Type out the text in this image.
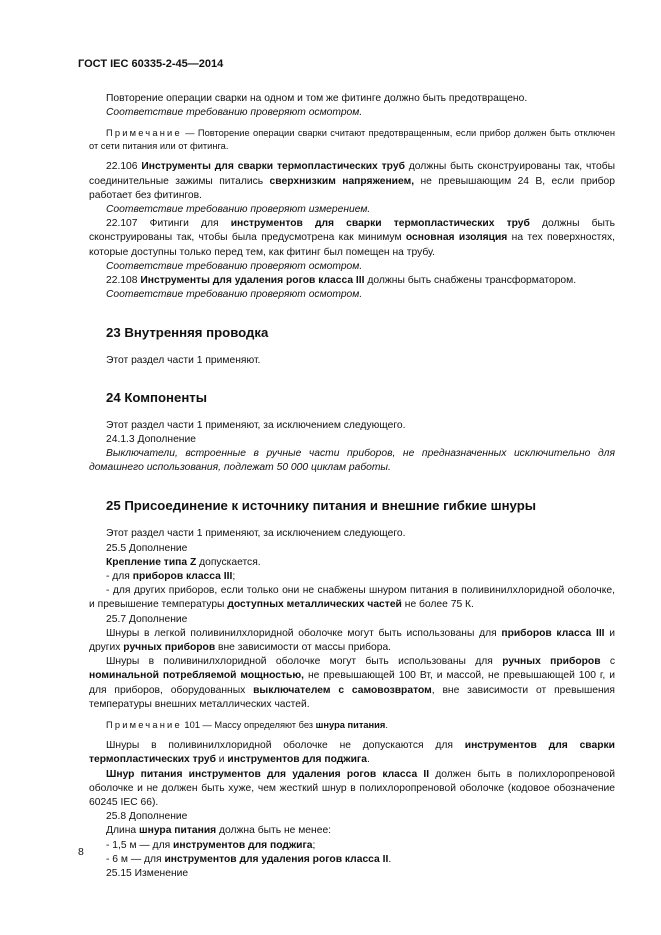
ГОСТ IEC 60335-2-45—2014

Повторение операции сварки на одном и том же фитинге должно быть предотвращено.

Соответствие требованию проверяют осмотром.

Примечание — Повторение операции сварки считают предотвращенным, если прибор должен быть отключен от сети питания или от фитинга.

22.106 Инструменты для сварки термопластических труб должны быть сконструированы так, чтобы соединительные зажимы питались сверхнизким напряжением, не превышающим 24 В, если прибор работает без фитингов.

Соответствие требованию проверяют измерением.

22.107 Фитинги для инструментов для сварки термопластических труб должны быть сконструированы так, чтобы была предусмотрена как минимум основная изоляция на тех поверхностях, которые доступны только перед тем, как фитинг был помещен на трубу.

Соответствие требованию проверяют осмотром.

22.108 Инструменты для удаления рогов класса III должны быть снабжены трансформатором.

Соответствие требованию проверяют осмотром.

23 Внутренняя проводка

Этот раздел части 1 применяют.

24 Компоненты

Этот раздел части 1 применяют, за исключением следующего.

24.1.3 Дополнение

Выключатели, встроенные в ручные части приборов, не предназначенных исключительно для домашнего использования, подлежат 50 000 циклам работы.

25 Присоединение к источнику питания и внешние гибкие шнуры

Этот раздел части 1 применяют, за исключением следующего.

25.5 Дополнение

Крепление типа Z допускается.

- для приборов класса III;

- для других приборов, если только они не снабжены шнуром питания в поливинилхлоридной оболочке, и превышение температуры доступных металлических частей не более 75 К.

25.7 Дополнение

Шнуры в легкой поливинилхлоридной оболочке могут быть использованы для приборов класса III и других ручных приборов вне зависимости от массы прибора.

Шнуры в поливинилхлоридной оболочке могут быть использованы для ручных приборов с номинальной потребляемой мощностью, не превышающей 100 Вт, и массой, не превышающей 100 г, и для приборов, оборудованных выключателем с самовозвратом, вне зависимости от превышения температуры внешних металлических частей.

Примечание 101 — Массу определяют без шнура питания.

Шнуры в поливинилхлоридной оболочке не допускаются для инструментов для сварки термопластических труб и инструментов для поджига.

Шнур питания инструментов для удаления рогов класса II должен быть в полихлоропреновой оболочке и не должен быть хуже, чем жесткий шнур в полихлоропреновой оболочке (кодовое обозначение 60245 IEC 66).

25.8 Дополнение

Длина шнура питания должна быть не менее:

- 1,5 м — для инструментов для поджига;

- 6 м — для инструментов для удаления рогов класса II.

25.15 Изменение

8
